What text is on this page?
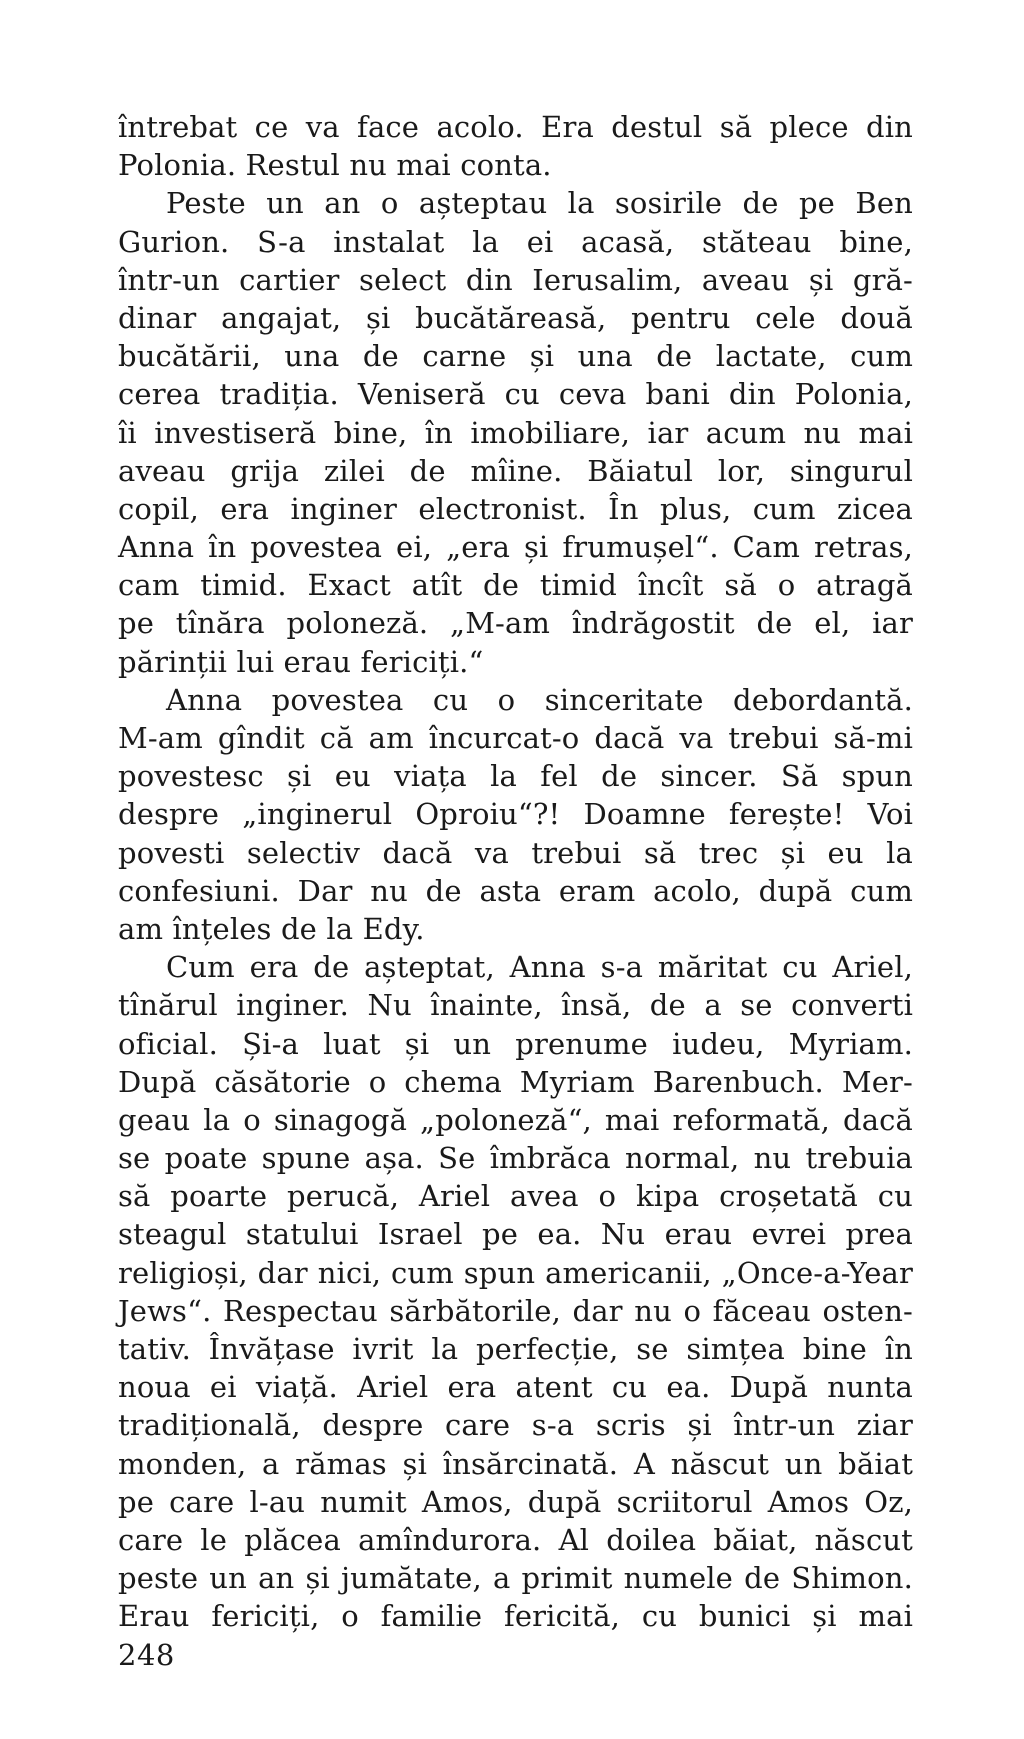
întrebat ce va face acolo. Era destul să plece din
Polonia. Restul nu mai conta.
Peste un an o așteptau la sosirile de pe Ben
Gurion. S-a instalat la ei acasă, stăteau bine,
într-un cartier select din Ierusalim, aveau și gră-
dinar angajat, și bucătăreasă, pentru cele două
bucătării, una de carne și una de lactate, cum
cerea tradiția. Veniseră cu ceva bani din Polonia,
îi investiseră bine, în imobiliare, iar acum nu mai
aveau grija zilei de mîine. Băiatul lor, singurul
copil, era inginer electronist. În plus, cum zicea
Anna în povestea ei, „era și frumușel“. Cam retras,
cam timid. Exact atît de timid încît să o atragă
pe tînăra poloneză. „M-am îndrăgostit de el, iar
părinții lui erau fericiți.“
Anna povestea cu o sinceritate debordantă.
M-am gîndit că am încurcat-o dacă va trebui să-mi
povestesc și eu viața la fel de sincer. Să spun
despre „inginerul Oproiu“?! Doamne ferește! Voi
povesti selectiv dacă va trebui să trec și eu la
confesiuni. Dar nu de asta eram acolo, după cum
am înțeles de la Edy.
Cum era de așteptat, Anna s-a măritat cu Ariel,
tînărul inginer. Nu înainte, însă, de a se converti
oficial. Și-a luat și un prenume iudeu, Myriam.
După căsătorie o chema Myriam Barenbuch. Mer-
geau la o sinagogă „poloneză“, mai reformată, dacă
se poate spune așa. Se îmbrăca normal, nu trebuia
să poarte perucă, Ariel avea o kipa croșetată cu
steagul statului Israel pe ea. Nu erau evrei prea
religioși, dar nici, cum spun americanii, „Once-a-Year
Jews“. Respectau sărbătorile, dar nu o făceau osten-
tativ. Învățase ivrit la perfecție, se simțea bine în
noua ei viață. Ariel era atent cu ea. După nunta
tradițională, despre care s-a scris și într-un ziar
monden, a rămas și însărcinată. A născut un băiat
pe care l-au numit Amos, după scriitorul Amos Oz,
care le plăcea amîndurora. Al doilea băiat, născut
peste un an și jumătate, a primit numele de Shimon.
Erau fericiți, o familie fericită, cu bunici și mai
248
